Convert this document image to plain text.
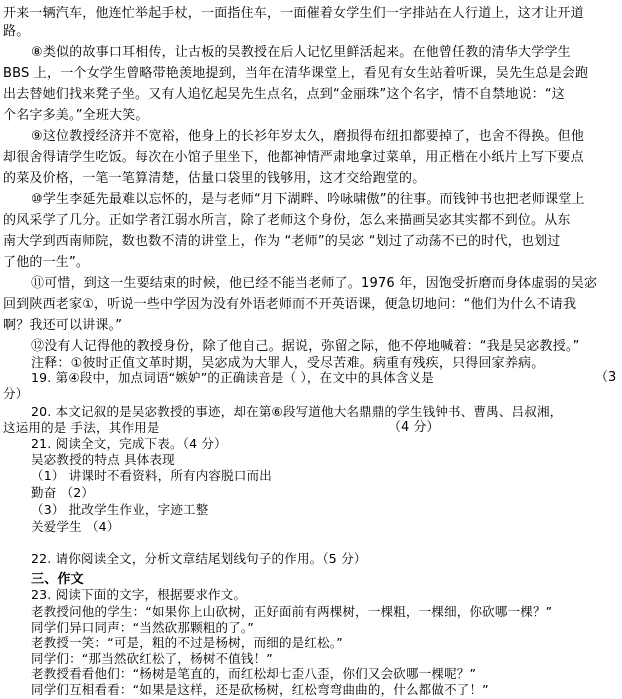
开来一辆汽车，他连忙举起手杖，一面指住车，一面催着女学生们一字排站在人行道上，这才让开道
路。
⑧类似的故事口耳相传，让古板的吴教授在后人记忆里鲜活起来。在他曾任教的清华大学学生
BBS 上，一个女学生曾略带艳羡地提到，当年在清华课堂上，看见有女生站着听课，吴先生总是会跑
出去替她们找来凳子坐。又有人追忆起吴先生点名，点到“金丽珠”这个名字，情不自禁地说：“这
个名字多美。”全班大笑。
⑨这位教授经济并不宽裕，他身上的长衫年岁太久，磨损得布纽扣都要掉了，也舍不得换。但他
却很舍得请学生吃饭。每次在小馆子里坐下，他都神情严肃地拿过菜单，用正楷在小纸片上写下要点
的菜及价格，一笔一笔算清楚，估量口袋里的钱够用，这才交给跑堂的。
⑩学生李延先最难以忘怀的，是与老师“月下湖畔、吟咏啸傲”的往事。而钱钟书也把老师课堂上
的风采学了几分。正如学者江弱水所言，除了老师这个身份，怎么来描画吴宓其实都不到位。从东
南大学到西南师院，数也数不清的讲堂上，作为 “老师”的吴宓 “划过了动荡不已的时代，也划过
了他的一生”。
⑪可惜，到这一生要结束的时候，他已经不能当老师了。1976 年，因饱受折磨而身体虚弱的吴宓
回到陕西老家①，听说一些中学因为没有外语老师而不开英语课，便急切地问：“他们为什么不请我
啊？我还可以讲课。”
⑫没有人记得他的教授身份，除了他自己。据说，弥留之际，他不停地喊着：“我是吴宓教授。”
注释：①彼时正值文革时期，吴宓成为大罪人，受尽苦难。病重有残疾，只得回家养病。
19. 第④段中，加点词语“嫉妒”的正确读音是（ ），在文中的具体含义是	（3
分）
20. 本文记叙的是吴宓教授的事迹，却在第⑥段写道他大名鼎鼎的学生钱钟书、曹禺、吕叔湘，
这运用的是 手法，其作用是	（4 分）
21. 阅读全文，完成下表。（4 分）
吴宓教授的特点 具体表现
（1） 讲课时不看资料，所有内容脱口而出
勤奋 （2）
（3） 批改学生作业，字迹工整
关爱学生 （4）
22. 请你阅读全文，分析文章结尾划线句子的作用。（5 分）
三、作文
23. 阅读下面的文字，根据要求作文。
老教授问他的学生：“如果你上山砍树，正好面前有两棵树，一棵粗，一棵细，你砍哪一棵？”
同学们异口同声：“当然砍那颗粗的了。”
老教授一笑：“可是，粗的不过是杨树，而细的是红松。”
同学们：“那当然砍红松了，杨树不值钱！”
老教授看看他们：“杨树是笔直的，而红松却七歪八歪，你们又会砍哪一棵呢？”
同学们互相看看：“如果是这样，还是砍杨树，红松弯弯曲曲的，什么都做不了！”
